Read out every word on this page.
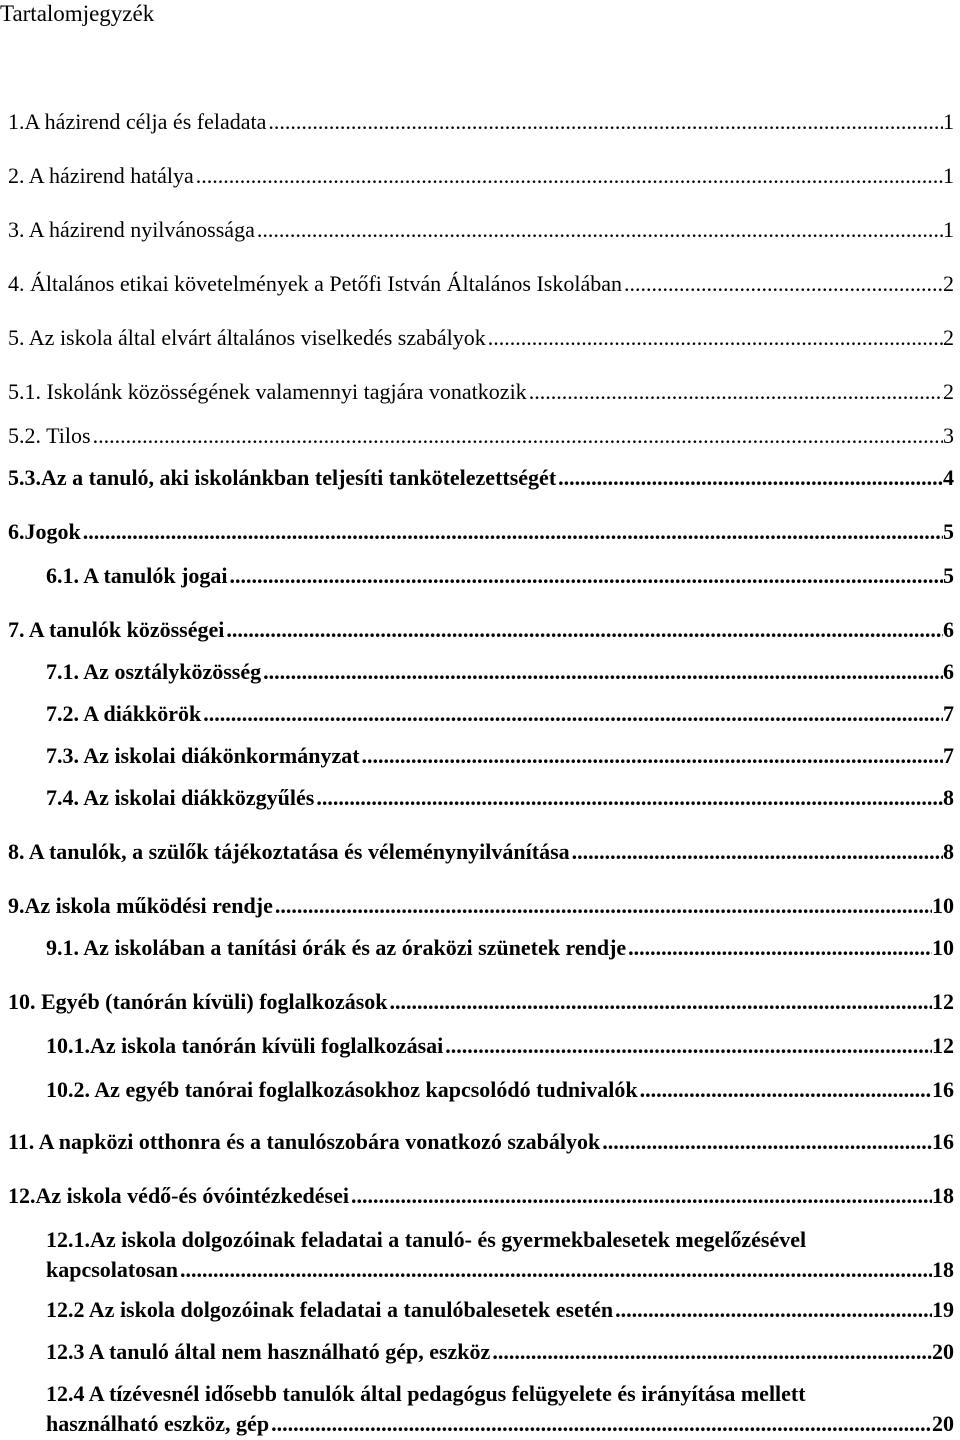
Tartalomjegyzék
1.A házirend célja és feladata .....	1
2. A házirend hatálya .....	1
3. A házirend nyilvánossága .....	1
4. Általános etikai követelmények a Petőfi István Általános Iskolában .....	2
5. Az iskola által elvárt általános viselkedés szabályok .....	2
5.1. Iskolánk közösségének valamennyi tagjára vonatkozik .....	2
5.2. Tilos .....	3
5.3.Az a tanuló, aki iskolánkban teljesíti tankötelezettségét .....	4
6.Jogok .....	5
6.1. A tanulók jogai .....	5
7. A tanulók közösségei .....	6
7.1. Az osztályközösség .....	6
7.2. A diákkörök .....	7
7.3. Az iskolai diákönkormányzat .....	7
7.4. Az iskolai diákközgyűlés .....	8
8. A tanulók, a szülők tájékoztatása és véleménynyilvánítása .....	8
9.Az iskola működési rendje .....	10
9.1. Az iskolában a tanítási órák és az óraközi szünetek rendje .....	10
10. Egyéb (tanórán kívüli) foglalkozások .....	12
10.1.Az iskola tanórán kívüli foglalkozásai .....	12
10.2. Az egyéb tanórai foglalkozásokhoz kapcsolódó tudnivalók .....	16
11. A napközi otthonra és a tanulószobára vonatkozó szabályok .....	16
12.Az iskola védő-és óvóintézkedései .....	18
12.1.Az iskola dolgozóinak feladatai a tanuló- és gyermekbalesetek megelőzésével
kapcsolatosan .....	18
12.2 Az iskola dolgozóinak feladatai a tanulóbalesetek esetén .....	19
12.3 A tanuló által nem használható gép, eszköz .....	20
12.4 A tízévesnél idősebb tanulók által pedagógus felügyelete és irányítása mellett
használható eszköz, gép .....	20
